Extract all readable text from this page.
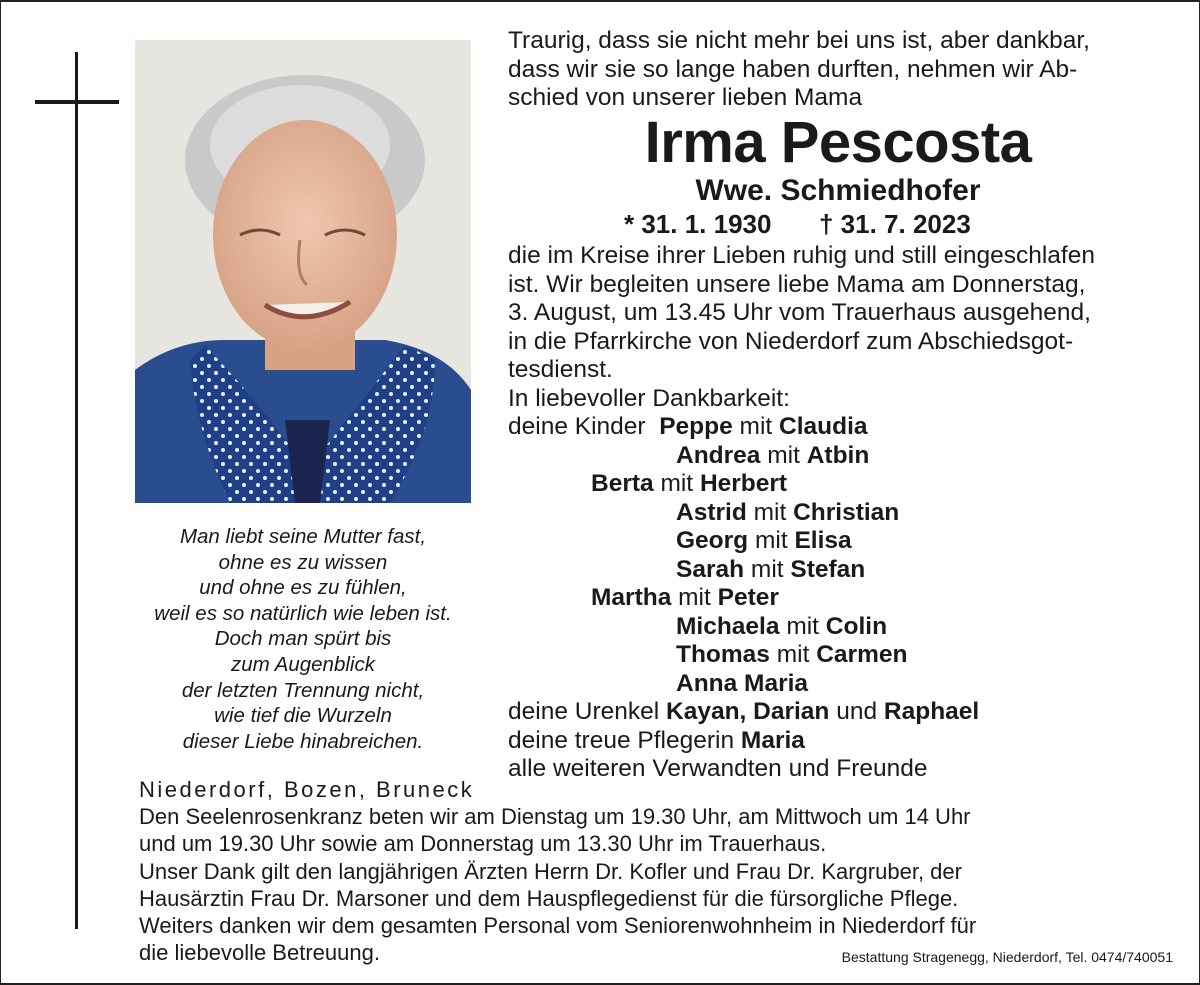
Man liebt seine Mutter fast,
ohne es zu wissen
und ohne es zu fühlen,
weil es so natürlich wie leben ist.
Doch man spürt bis
zum Augenblick
der letzten Trennung nicht,
wie tief die Wurzeln
dieser Liebe hinabreichen.
Traurig, dass sie nicht mehr bei uns ist, aber dankbar,
dass wir sie so lange haben durften, nehmen wir Ab-
schied von unserer lieben Mama
Irma Pescosta
Wwe. Schmiedhofer
* 31. 1. 1930 † 31. 7. 2023
die im Kreise ihrer Lieben ruhig und still eingeschlafen
ist. Wir begleiten unsere liebe Mama am Donnerstag,
3. August, um 13.45 Uhr vom Trauerhaus ausgehend,
in die Pfarrkirche von Niederdorf zum Abschiedsgot-
tesdienst.
In liebevoller Dankbarkeit:
deine Kinder Peppe mit Claudia
Andrea mit Atbin
Berta mit Herbert
Astrid mit Christian
Georg mit Elisa
Sarah mit Stefan
Martha mit Peter
Michaela mit Colin
Thomas mit Carmen
Anna Maria
deine Urenkel Kayan, Darian und Raphael
deine treue Pflegerin Maria
alle weiteren Verwandten und Freunde
Niederdorf, Bozen, Bruneck
Den Seelenrosenkranz beten wir am Dienstag um 19.30 Uhr, am Mittwoch um 14 Uhr
und um 19.30 Uhr sowie am Donnerstag um 13.30 Uhr im Trauerhaus.
Unser Dank gilt den langjährigen Ärzten Herrn Dr. Kofler und Frau Dr. Kargruber, der
Hausärztin Frau Dr. Marsoner und dem Hauspflegedienst für die fürsorgliche Pflege.
Weiters danken wir dem gesamten Personal vom Seniorenwohnheim in Niederdorf für
die liebevolle Betreuung.	Bestattung Stragenegg, Niederdorf, Tel. 0474/740051
